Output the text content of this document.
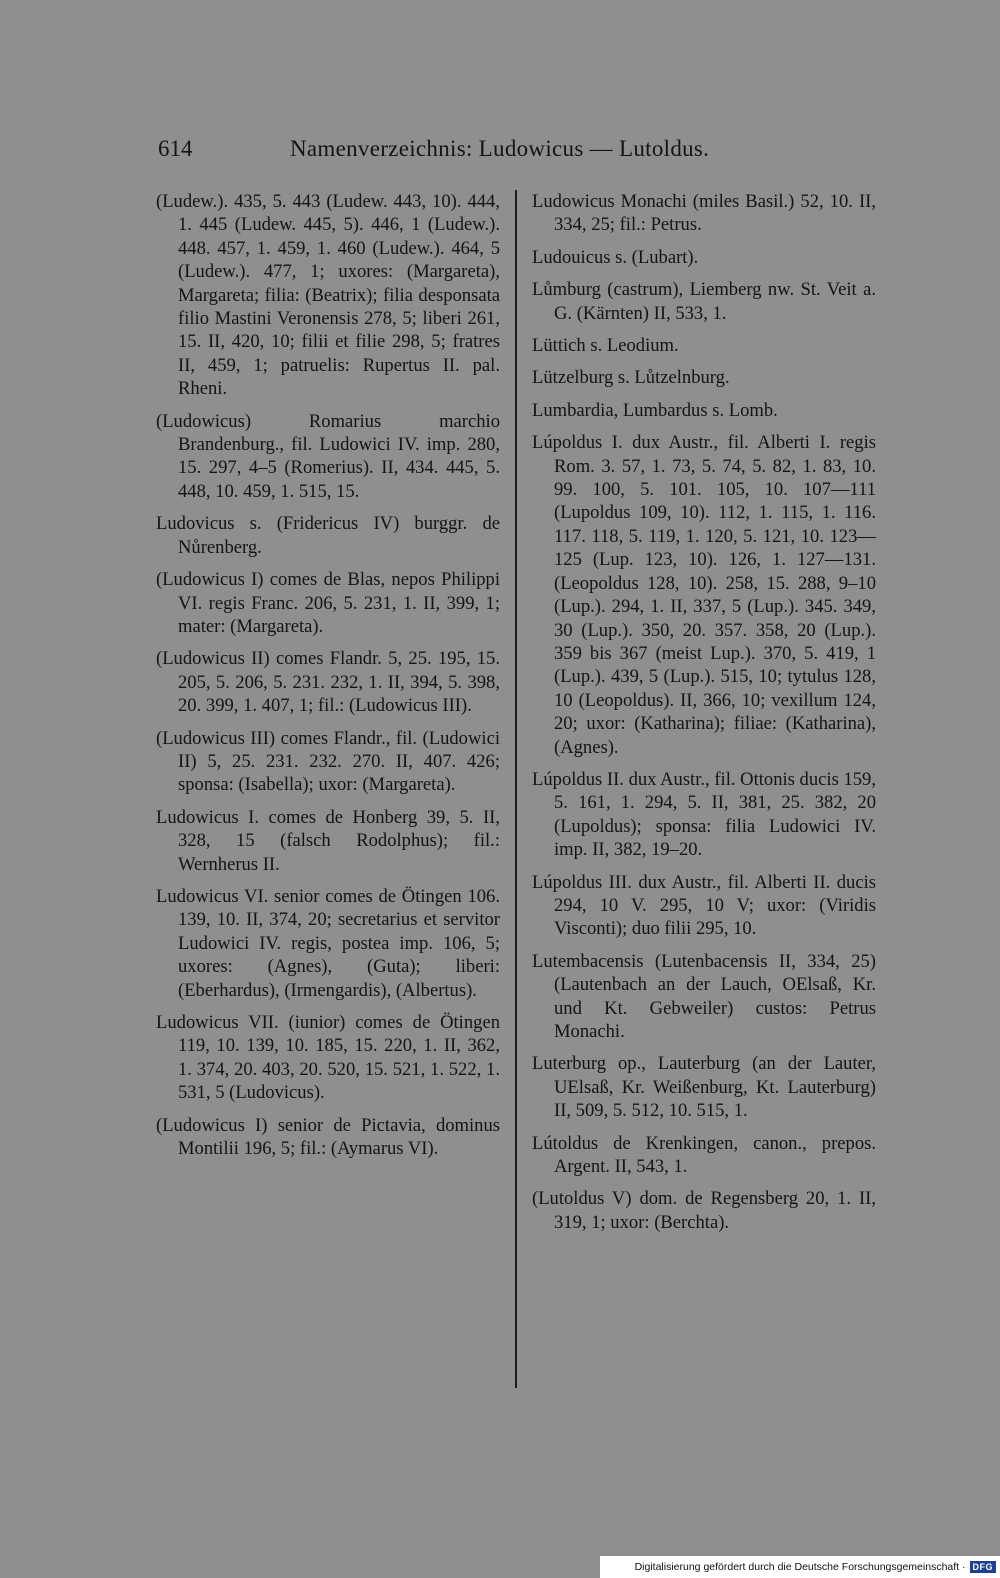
614	Namenverzeichnis: Ludowicus — Lutoldus.

(Ludew.). 435, 5. 443 (Ludew. 443, 10). 444, 1. 445 (Ludew. 445, 5). 446, 1 (Ludew.). 448. 457, 1. 459, 1. 460 (Ludew.). 464, 5 (Ludew.). 477, 1; uxores: (Margareta), Margareta; filia: (Beatrix); filia desponsata filio Mastini Veronensis 278, 5; liberi 261, 15. II, 420, 10; filii et filie 298, 5; fratres II, 459, 1; patruelis: Rupertus II. pal. Rheni.

(Ludowicus) Romarius marchio Brandenburg., fil. Ludowici IV. imp. 280, 15. 297, 4–5 (Romerius). II, 434. 445, 5. 448, 10. 459, 1. 515, 15.

Ludovicus s. (Fridericus IV) burggr. de Nůrenberg.

(Ludowicus I) comes de Blas, nepos Philippi VI. regis Franc. 206, 5. 231, 1. II, 399, 1; mater: (Margareta).

(Ludowicus II) comes Flandr. 5, 25. 195, 15. 205, 5. 206, 5. 231. 232, 1. II, 394, 5. 398, 20. 399, 1. 407, 1; fil.: (Ludowicus III).

(Ludowicus III) comes Flandr., fil. (Ludowici II) 5, 25. 231. 232. 270. II, 407. 426; sponsa: (Isabella); uxor: (Margareta).

Ludowicus I. comes de Honberg 39, 5. II, 328, 15 (falsch Rodolphus); fil.: Wernherus II.

Ludowicus VI. senior comes de Ötingen 106. 139, 10. II, 374, 20; secretarius et servitor Ludowici IV. regis, postea imp. 106, 5; uxores: (Agnes), (Guta); liberi: (Eberhardus), (Irmengardis), (Albertus).

Ludowicus VII. (iunior) comes de Ötingen 119, 10. 139, 10. 185, 15. 220, 1. II, 362, 1. 374, 20. 403, 20. 520, 15. 521, 1. 522, 1. 531, 5 (Ludovicus).

(Ludowicus I) senior de Pictavia, dominus Montilii 196, 5; fil.: (Aymarus VI).

Ludowicus Monachi (miles Basil.) 52, 10. II, 334, 25; fil.: Petrus.

Ludouicus s. (Lubart).

Lůmburg (castrum), Liemberg nw. St. Veit a. G. (Kärnten) II, 533, 1.

Lüttich s. Leodium.

Lützelburg s. Lůtzelnburg.

Lumbardia, Lumbardus s. Lomb.

Lúpoldus I. dux Austr., fil. Alberti I. regis Rom. 3. 57, 1. 73, 5. 74, 5. 82, 1. 83, 10. 99. 100, 5. 101. 105, 10. 107—111 (Lupoldus 109, 10). 112, 1. 115, 1. 116. 117. 118, 5. 119, 1. 120, 5. 121, 10. 123—125 (Lup. 123, 10). 126, 1. 127—131. (Leopoldus 128, 10). 258, 15. 288, 9–10 (Lup.). 294, 1. II, 337, 5 (Lup.). 345. 349, 30 (Lup.). 350, 20. 357. 358, 20 (Lup.). 359 bis 367 (meist Lup.). 370, 5. 419, 1 (Lup.). 439, 5 (Lup.). 515, 10; tytulus 128, 10 (Leopoldus). II, 366, 10; vexillum 124, 20; uxor: (Katharina); filiae: (Katharina), (Agnes).

Lúpoldus II. dux Austr., fil. Ottonis ducis 159, 5. 161, 1. 294, 5. II, 381, 25. 382, 20 (Lupoldus); sponsa: filia Ludowici IV. imp. II, 382, 19–20.

Lúpoldus III. dux Austr., fil. Alberti II. ducis 294, 10 V. 295, 10 V; uxor: (Viridis Visconti); duo filii 295, 10.

Lutembacensis (Lutenbacensis II, 334, 25) (Lautenbach an der Lauch, OElsaß, Kr. und Kt. Gebweiler) custos: Petrus Monachi.

Luterburg op., Lauterburg (an der Lauter, UElsaß, Kr. Weißenburg, Kt. Lauterburg) II, 509, 5. 512, 10. 515, 1.

Lútoldus de Krenkingen, canon., prepos. Argent. II, 543, 1.

(Lutoldus V) dom. de Regensberg 20, 1. II, 319, 1; uxor: (Berchta).

Digitalisierung gefördert durch die Deutsche Forschungsgemeinschaft · DFG
